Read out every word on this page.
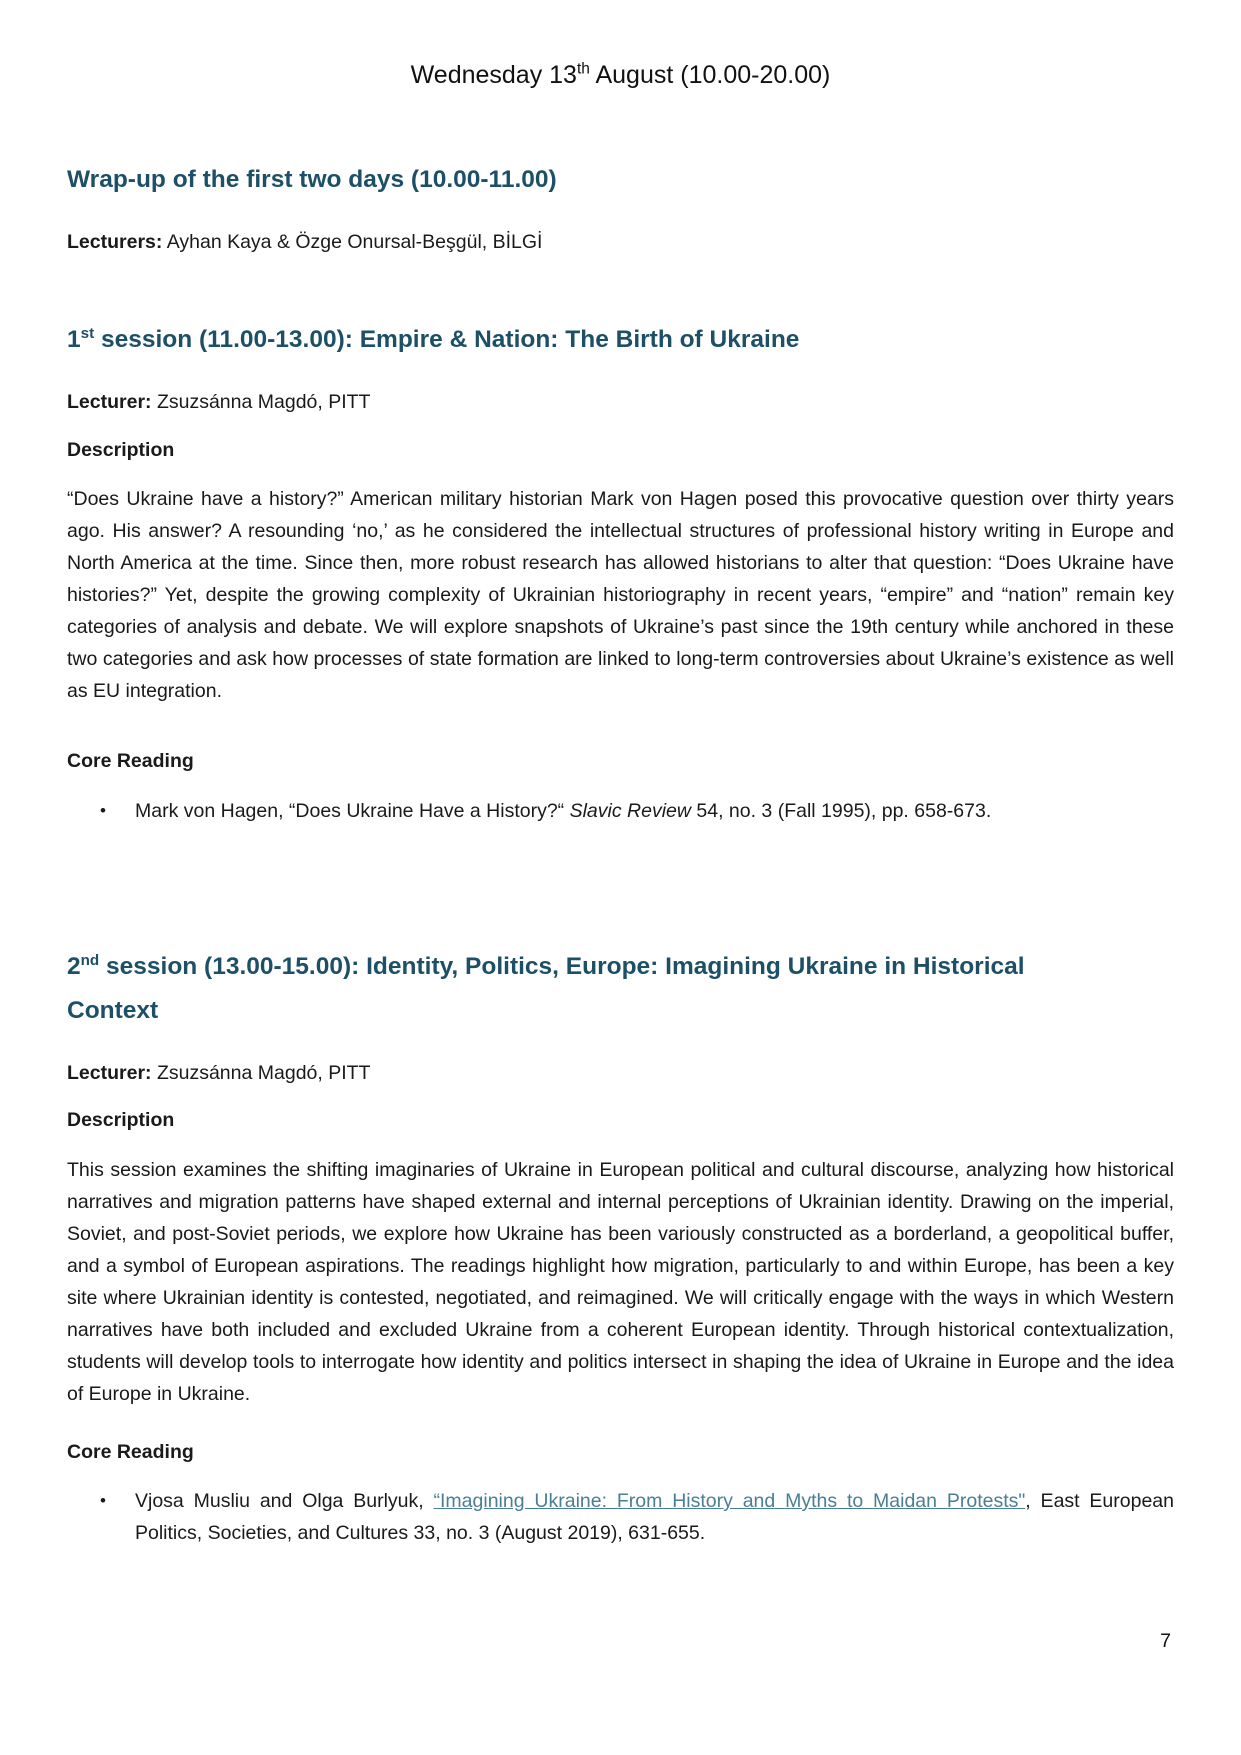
Wednesday 13th August (10.00-20.00)
Wrap-up of the first two days (10.00-11.00)

Lecturers: Ayhan Kaya & Özge Onursal-Beşgül, BİLGİ

1st session (11.00-13.00): Empire & Nation: The Birth of Ukraine

Lecturer: Zsuzsánna Magdó, PITT

Description

“Does Ukraine have a history?” American military historian Mark von Hagen posed this provocative question over thirty years ago. His answer? A resounding ‘no,’ as he considered the intellectual structures of professional history writing in Europe and North America at the time. Since then, more robust research has allowed historians to alter that question: “Does Ukraine have histories?” Yet, despite the growing complexity of Ukrainian historiography in recent years, “empire” and “nation” remain key categories of analysis and debate. We will explore snapshots of Ukraine’s past since the 19th century while anchored in these two categories and ask how processes of state formation are linked to long-term controversies about Ukraine’s existence as well as EU integration.

Core Reading

•	Mark von Hagen, “Does Ukraine Have a History?“ Slavic Review 54, no. 3 (Fall 1995), pp. 658-673.
2nd session (13.00-15.00): Identity, Politics, Europe: Imagining Ukraine in Historical Context

Lecturer: Zsuzsánna Magdó, PITT

Description

This session examines the shifting imaginaries of Ukraine in European political and cultural discourse, analyzing how historical narratives and migration patterns have shaped external and internal perceptions of Ukrainian identity. Drawing on the imperial, Soviet, and post-Soviet periods, we explore how Ukraine has been variously constructed as a borderland, a geopolitical buffer, and a symbol of European aspirations. The readings highlight how migration, particularly to and within Europe, has been a key site where Ukrainian identity is contested, negotiated, and reimagined. We will critically engage with the ways in which Western narratives have both included and excluded Ukraine from a coherent European identity. Through historical contextualization, students will develop tools to interrogate how identity and politics intersect in shaping the idea of Ukraine in Europe and the idea of Europe in Ukraine.

Core Reading

•	Vjosa Musliu and Olga Burlyuk, “Imagining Ukraine: From History and Myths to Maidan Protests", East European Politics, Societies, and Cultures 33, no. 3 (August 2019), 631-655.
7
